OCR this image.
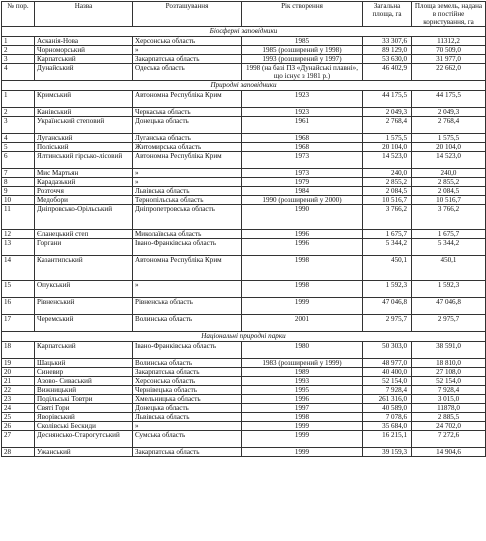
№ пор.	Назва	Розташування	Рік створення	Загальна площа, га	Площа земель, надана в постійне користування, га
Біосферні заповідники					
1	Асканія-Нова	Херсонська область	1985	33 307,6	11312,2
2	Чорноморський	»	1985 (розширений у 1998)	89 129,0	70 509,0
3	Карпатський	Закарпатська область	1993 (розширений у 1997)	53 630,0	31 977,0
4	Дунайський	Одеська область	1998 (на базі ПЗ «Дунайські плавні», що існує з 1981 р.)	46 402,9	22 662,0
Природні заповідники					
1	Кримський	Автономна Республіка Крим	1923	44 175,5	44 175,5
2	Канівський	Черкаська область	1923	2 049,3	2 049,3
3	Український степовий	Донецька область	1961	2 768,4	2 768,4
4	Луганський	Луганська область	1968	1 575,5	1 575,5
5	Поліський	Житомирська область	1968	20 104,0	20 104,0
6	Ялтинський гірсько-лісовий	Автономна Республіка Крим	1973	14 523,0	14 523,0
7	Мис Мартьян	»	1973	240,0	240,0
8	Карадазький	»	1979	2 855,2	2 855,2
9	Розточчя	Львівська область	1984	2 084,5	2 084,5
10	Медобори	Тернопільська область	1990 (розширений у 2000)	10 516,7	10 516,7
11	Дніпровсько-Орільський	Дніпропетровська область	1990	3 766,2	3 766,2
12	Єланецький степ	Миколаївська область	1996	1 675,7	1 675,7
13	Горгани	Івано-Франківська область	1996	5 344,2	5 344,2
14	Казантипський	Автономна Республіка Крим	1998	450,1	450,1
15	Опукський	»	1998	1 592,3	1 592,3
16	Рівненський	Рівненська область	1999	47 046,8	47 046,8
17	Черемський	Волинська область	2001	2 975,7	2 975,7
Національні природні парки					
18	Карпатський	Івано-Франківська область	1980	50 303,0	38 591,0
19	Шацький	Волинська область	1983 (розширений у 1999)	48 977,0	18 810,0
20	Синевир	Закарпатська область	1989	40 400,0	27 108,0
21	Азово- Сиваський	Херсонська область	1993	52 154,0	52 154,0
22	Вижницький	Чернівецька область	1995	7 928,4	7 928,4
23	Подільські Товтри	Хмельницька область	1996	261 316,0	3 015,0
24	Святі Гори	Донецька область	1997	40 589,0	11878,0
25	Яворівський	Львівська область	1998	7 078,6	2 885,5
26	Сколівські Бескиди	»	1999	35 684,0	24 702,0
27	Деснянсько-Старогутський	Сумська область	1999	16 215,1	7 272,6
28	Ужанський	Закарпатська область	1999	39 159,3	14 904,6
